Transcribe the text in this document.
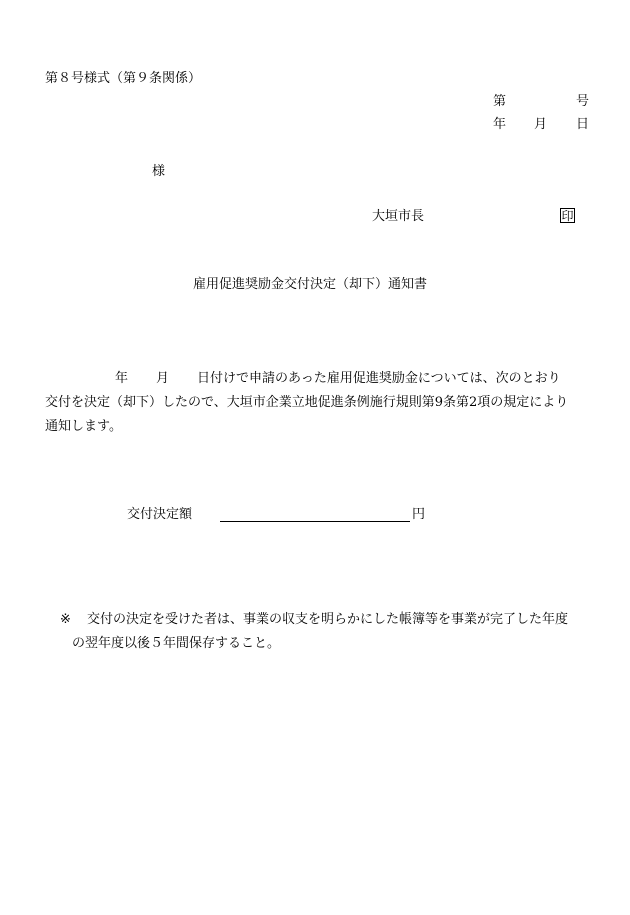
第８号様式（第９条関係）
第	号
年 月 日
様
大垣市長	印
雇用促進奨励金交付決定（却下）通知書
年 月 日付けで申請のあった雇用促進奨励金については、次のとおり
交付を決定（却下）したので、大垣市企業立地促進条例施行規則第9条第2項の規定により
通知します。
交付決定額	円
※ 交付の決定を受けた者は、事業の収支を明らかにした帳簿等を事業が完了した年度
の翌年度以後５年間保存すること。
